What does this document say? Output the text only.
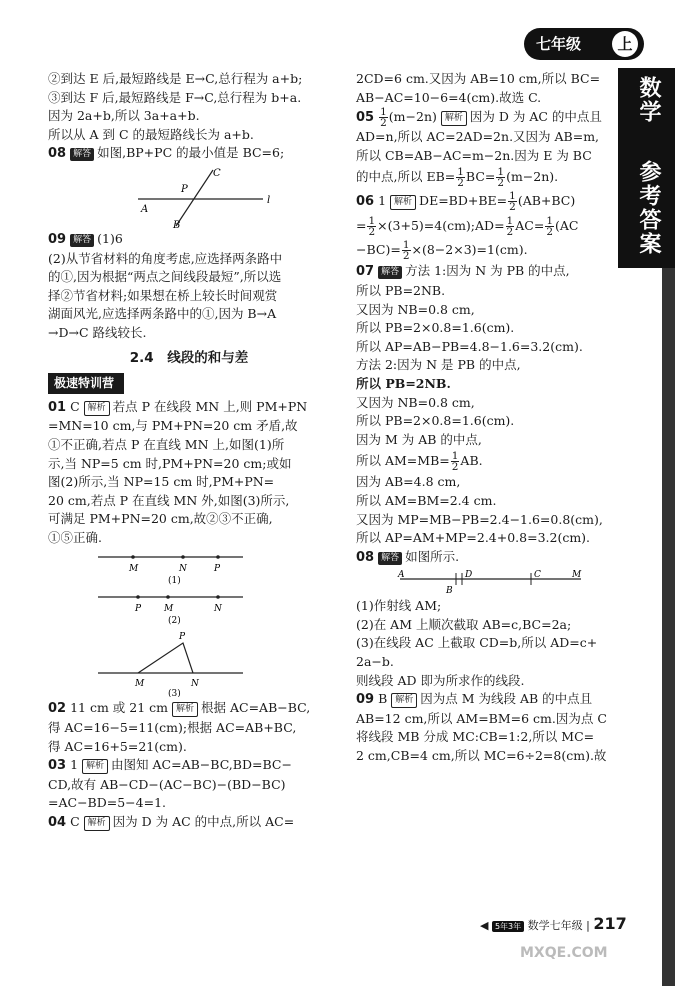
七年级	上
数学
参考答案

②到达 E 后,最短路线是 E→C,总行程为 a+b;

③到达 F 后,最短路线是 F→C,总行程为 b+a.

因为 2a+b,所以 3a+a+b.

所以从 A 到 C 的最短路线长为 a+b.

08 解答 如图,BP+PC 的最小值是 BC=6;

A
P
C
l
B

09 解答 (1)6

(2)从节省材料的角度考虑,应选择两条路中

的①,因为根据“两点之间线段最短”,所以选

择②节省材料;如果想在桥上较长时间观赏

湖面风光,应选择两条路中的①,因为 B→A

→D→C 路线较长.

2.4　线段的和与差
极速特训营

01 C 解析 若点 P 在线段 MN 上,则 PM+PN

=MN=10 cm,与 PM+PN=20 cm 矛盾,故

①不正确,若点 P 在直线 MN 上,如图(1)所

示,当 NP=5 cm 时,PM+PN=20 cm;或如

图(2)所示,当 NP=15 cm 时,PM+PN=

20 cm,若点 P 在直线 MN 外,如图(3)所示,

可满足 PM+PN=20 cm,故②③不正确,

①⑤正确.

M	N	P
(1)
P	M	N
(2)
P
M	N
(3)

02 11 cm 或 21 cm 解析 根据 AC=AB−BC,

得 AC=16−5=11(cm);根据 AC=AB+BC,

得 AC=16+5=21(cm).

03 1 解析 由图知 AC=AB−BC,BD=BC−

CD,故有 AB−CD−(AC−BC)−(BD−BC)

=AC−BD=5−4=1.

04 C 解析 因为 D 为 AC 的中点,所以 AC=

2CD=6 cm.又因为 AB=10 cm,所以 BC=

AB−AC=10−6=4(cm).故选 C.

$05 \frac{1}{2} (m-2n)$ 解析 因为 D 为 AC 的中点且

AD=n,所以 AC=2AD=2n.又因为 AB=m,

所以 CB=AB−AC=m−2n.因为 E 为 BC

的中点,所以 $EB= \frac{1}{2} BC= \frac{1}{2} (m-2n)$.

06 1 解析 $DE=BD+BE= \frac{1}{2} (AB+BC)$

= $\frac{1}{2}$ ×(3+5)=4(cm);AD= $\frac{1}{2} AC= \frac{1}{2} (AC$

$-BC)= \frac{1}{2} \times(8-2\times 3)=1(cm)$.

07 解答 方法 1:因为 N 为 PB 的中点,

所以 PB=2NB.

又因为 NB=0.8 cm,

所以 PB=2×0.8=1.6(cm).

所以 AP=AB−PB=4.8−1.6=3.2(cm).

方法 2:因为 N 是 PB 的中点,

所以 PB=2NB.

又因为 NB=0.8 cm,

所以 PB=2×0.8=1.6(cm).

因为 M 为 AB 的中点,

所以 $AM=MB= \frac{1}{2}$ AB.

因为 AB=4.8 cm,

所以 AM=BM=2.4 cm.

又因为 MP=MB−PB=2.4−1.6=0.8(cm),

所以 AP=AM+MP=2.4+0.8=3.2(cm).

08 解答 如图所示.

A
B
D	C	M

(1)作射线 AM;

(2)在 AM 上顺次截取 AB=c,BC=2a;

(3)在线段 AC 上截取 CD=b,所以 AD=c+

2a−b.

则线段 AD 即为所求作的线段.

09 B 解析 因为点 M 为线段 AB 的中点且

AB=12 cm,所以 AM=BM=6 cm.因为点 C

将线段 MB 分成 MC:CB=1:2,所以 MC=

2 cm,CB=4 cm,所以 MC=6÷2=8(cm).故

◀ 5年3年 数学七年级 | 217
MXQE.COM
